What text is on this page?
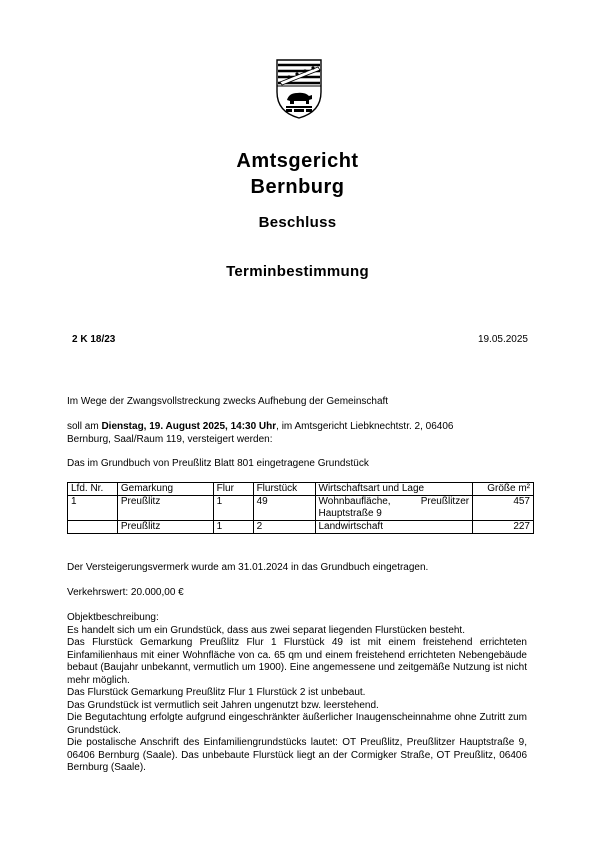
Amtsgericht
Bernburg
Beschluss
Terminbestimmung
2 K 18/23	19.05.2025
Im Wege der Zwangsvollstreckung zwecks Aufhebung der Gemeinschaft
soll am Dienstag, 19. August 2025, 14:30 Uhr, im Amtsgericht Liebknechtstr. 2, 06406 Bernburg, Saal/Raum 119, versteigert werden:
Das im Grundbuch von Preußlitz Blatt 801 eingetragene Grundstück
Lfd. Nr.	Gemarkung	Flur	Flurstück	Wirtschaftsart und Lage	Größe m²
1	Preußlitz	1	49	Wohnbaufläche, Preußlitzer Hauptstraße 9	457
	Preußlitz	1	2	Landwirtschaft	227
Der Versteigerungsvermerk wurde am 31.01.2024 in das Grundbuch eingetragen.
Verkehrswert: 20.000,00 €
Objektbeschreibung:
Es handelt sich um ein Grundstück, dass aus zwei separat liegenden Flurstücken besteht.
Das Flurstück Gemarkung Preußlitz Flur 1 Flurstück 49 ist mit einem freistehend errichteten Einfamilienhaus mit einer Wohnfläche von ca. 65 qm und einem freistehend errichteten Nebengebäude bebaut (Baujahr unbekannt, vermutlich um 1900). Eine angemessene und zeitgemäße Nutzung ist nicht mehr möglich.
Das Flurstück Gemarkung Preußlitz Flur 1 Flurstück 2 ist unbebaut.
Das Grundstück ist vermutlich seit Jahren ungenutzt bzw. leerstehend.
Die Begutachtung erfolgte aufgrund eingeschränkter äußerlicher Inaugenscheinnahme ohne Zutritt zum Grundstück.
Die postalische Anschrift des Einfamiliengrundstücks lautet: OT Preußlitz, Preußlitzer Hauptstraße 9, 06406 Bernburg (Saale). Das unbebaute Flurstück liegt an der Cormigker Straße, OT Preußlitz, 06406 Bernburg (Saale).
